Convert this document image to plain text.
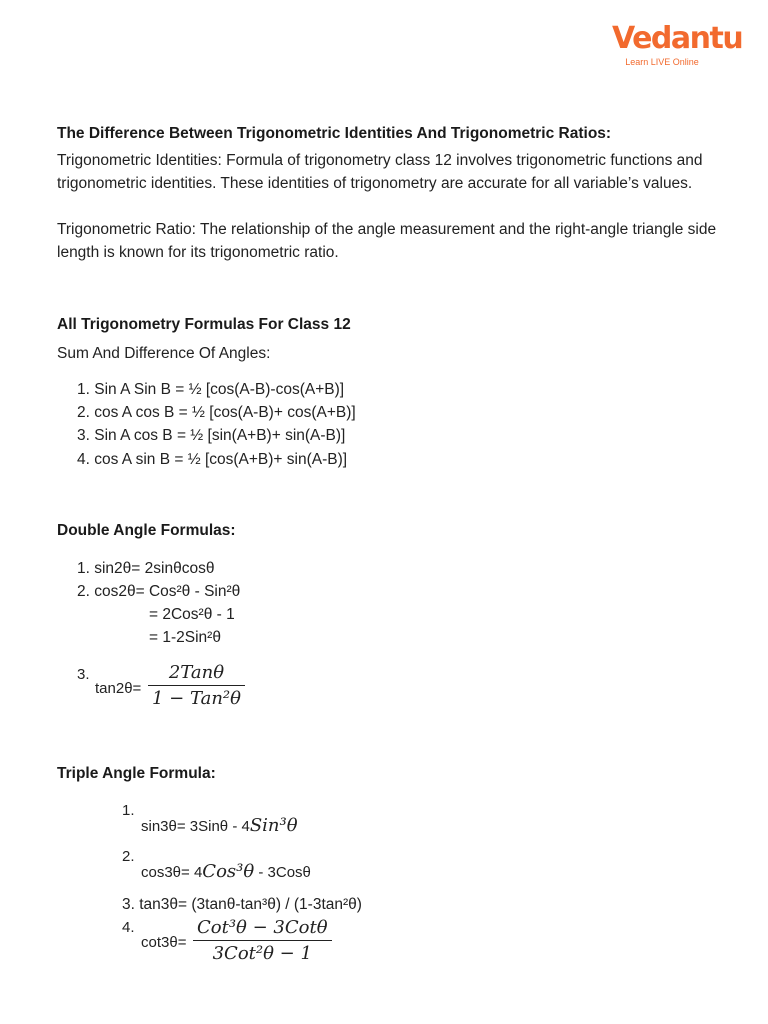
Vedantu
Learn LIVE Online
The Difference Between Trigonometric Identities And Trigonometric Ratios:
Trigonometric Identities: Formula of trigonometry class 12 involves trigonometric functions and trigonometric identities. These identities of trigonometry are accurate for all variable’s values.
Trigonometric Ratio: The relationship of the angle measurement and the right-angle triangle side length is known for its trigonometric ratio.
All Trigonometry Formulas For Class 12
Sum And Difference Of Angles:
1. Sin A Sin B = ½ [cos(A-B)-cos(A+B)]
2. cos A cos B = ½ [cos(A-B)+ cos(A+B)]
3. Sin A cos B = ½ [sin(A+B)+ sin(A-B)]
4. cos A sin B = ½ [cos(A+B)+ sin(A-B)]
Double Angle Formulas:
1. sin2θ= 2sinθcosθ
2. cos2θ= Cos²θ - Sin²θ
= 2Cos²θ - 1
= 1-2Sin²θ
3.
tan2θ=
2Tanθ
1 − Tan²θ
Triple Angle Formula:
1.
sin3θ= 3Sinθ - 4Sin³θ
2.
cos3θ= 4Cos³θ - 3Cosθ
3. tan3θ= (3tanθ-tan³θ) / (1-3tan²θ)
4.
cot3θ=
Cot³θ − 3Cotθ
3Cot²θ − 1
